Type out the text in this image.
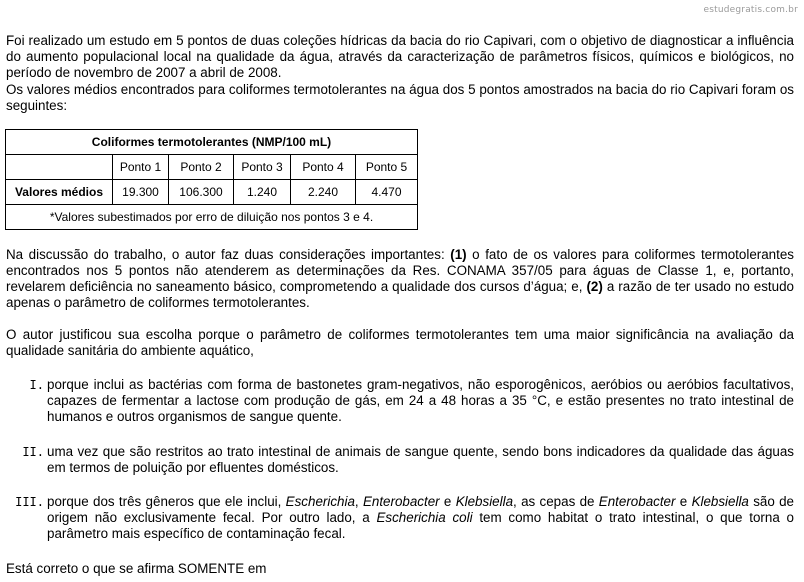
estudegratis.com.br

Foi realizado um estudo em 5 pontos de duas coleções hídricas da bacia do rio Capivari, com o objetivo de diagnosticar a influência do aumento populacional local na qualidade da água, através da caracterização de parâmetros físicos, químicos e biológicos, no período de novembro de 2007 a abril de 2008.

Os valores médios encontrados para coliformes termotolerantes na água dos 5 pontos amostrados na bacia do rio Capivari foram os seguintes:

Coliformes termotolerantes (NMP/100 mL)					
	Ponto 1	Ponto 2	Ponto 3	Ponto 4	Ponto 5
Valores médios	19.300	106.300	1.240	2.240	4.470
*Valores subestimados por erro de diluição nos pontos 3 e 4.					

Na discussão do trabalho, o autor faz duas considerações importantes: (1) o fato de os valores para coliformes termotolerantes encontrados nos 5 pontos não atenderem as determinações da Res. CONAMA 357/05 para águas de Classe 1, e, portanto, revelarem deficiência no saneamento básico, comprometendo a qualidade dos cursos d’água; e, (2) a razão de ter usado no estudo apenas o parâmetro de coliformes termotolerantes.

O autor justificou sua escolha porque o parâmetro de coliformes termotolerantes tem uma maior significância na avaliação da qualidade sanitária do ambiente aquático,

I. porque inclui as bactérias com forma de bastonetes gram-negativos, não esporogênicos, aeróbios ou aeróbios facultativos, capazes de fermentar a lactose com produção de gás, em 24 a 48 horas a 35 °C, e estão presentes no trato intestinal de humanos e outros organismos de sangue quente.

II. uma vez que são restritos ao trato intestinal de animais de sangue quente, sendo bons indicadores da qualidade das águas em termos de poluição por efluentes domésticos.

III. porque dos três gêneros que ele inclui, Escherichia, Enterobacter e Klebsiella, as cepas de Enterobacter e Klebsiella são de origem não exclusivamente fecal. Por outro lado, a Escherichia coli tem como habitat o trato intestinal, o que torna o parâmetro mais específico de contaminação fecal.

Está correto o que se afirma SOMENTE em
